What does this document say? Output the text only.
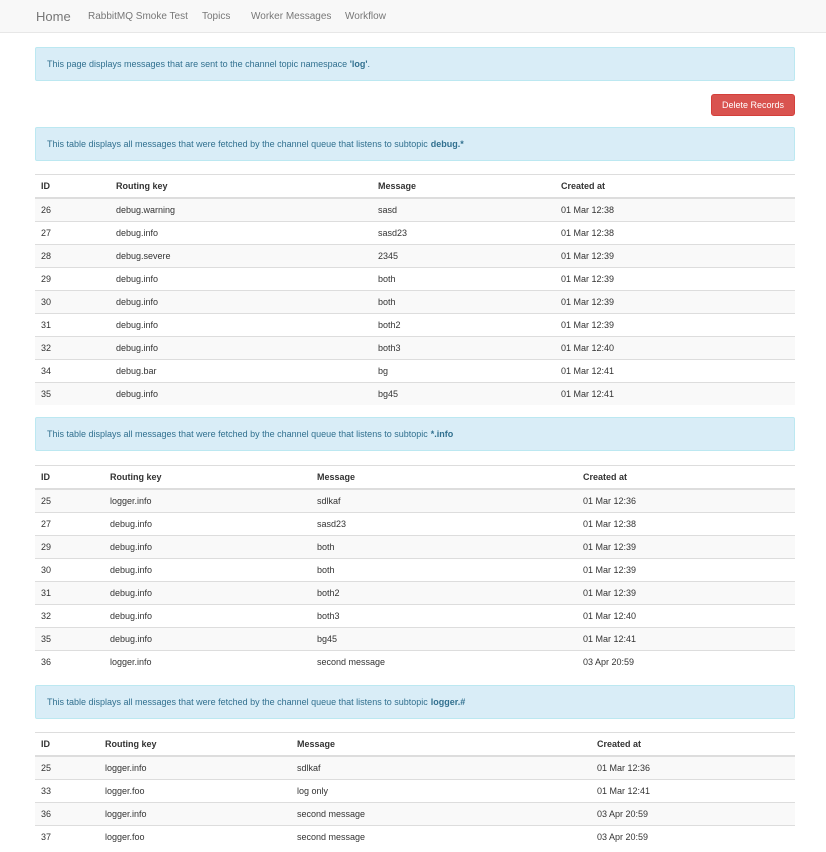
Home RabbitMQ Smoke Test Topics Worker Messages Workflow
This page displays messages that are sent to the channel topic namespace 'log' .
Delete Records
This table displays all messages that were fetched by the channel queue that listens to subtopic debug.*
ID	Routing key	Message	Created at
26	debug.warning	sasd	01 Mar 12:38
27	debug.info	sasd23	01 Mar 12:38
28	debug.severe	2345	01 Mar 12:39
29	debug.info	both	01 Mar 12:39
30	debug.info	both	01 Mar 12:39
31	debug.info	both2	01 Mar 12:39
32	debug.info	both3	01 Mar 12:40
34	debug.bar	bg	01 Mar 12:41
35	debug.info	bg45	01 Mar 12:41
This table displays all messages that were fetched by the channel queue that listens to subtopic *.info
ID	Routing key	Message	Created at
25	logger.info	sdlkaf	01 Mar 12:36
27	debug.info	sasd23	01 Mar 12:38
29	debug.info	both	01 Mar 12:39
30	debug.info	both	01 Mar 12:39
31	debug.info	both2	01 Mar 12:39
32	debug.info	both3	01 Mar 12:40
35	debug.info	bg45	01 Mar 12:41
36	logger.info	second message	03 Apr 20:59
This table displays all messages that were fetched by the channel queue that listens to subtopic logger.#
ID	Routing key	Message	Created at
25	logger.info	sdlkaf	01 Mar 12:36
33	logger.foo	log only	01 Mar 12:41
36	logger.info	second message	03 Apr 20:59
37	logger.foo	second message	03 Apr 20:59
